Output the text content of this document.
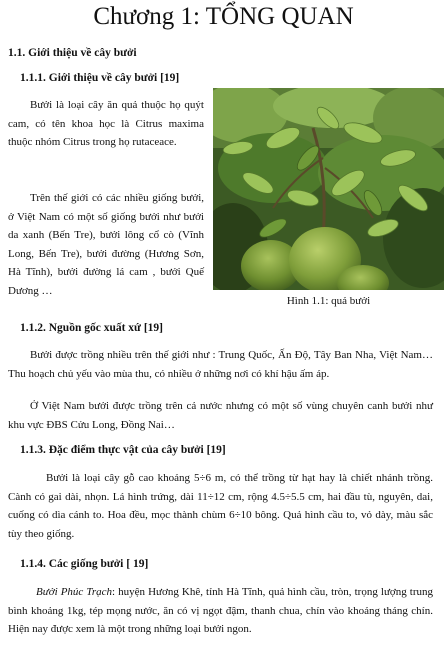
Chương 1: TỔNG QUAN
1.1. Giới thiệu về cây bưởi
1.1.1. Giới thiệu về cây bưởi [19]

Bưởi là loại cây ăn quả thuộc họ quýt cam, có tên khoa học là Citrus maxima thuộc nhóm Citrus trong họ rutaceace.

Trên thế giới có các nhiều giống bưởi, ở Việt Nam có một số giống bưởi như bưởi da xanh (Bến Tre), bưởi lông cổ cò (Vĩnh Long, Bến Tre), bưởi đường (Hương Sơn, Hà Tĩnh), bưởi đường lá cam , bưởi Quế Dương …

Hình 1.1: quả bưởi

1.1.2. Nguồn gốc xuất xứ [19]

Bưởi được trồng nhiều trên thế giới như : Trung Quốc, Ấn Độ, Tây Ban Nha, Việt Nam… Thu hoạch chủ yếu vào mùa thu, có nhiều ở những nơi có khí hậu ấm áp.

Ở Việt Nam bưởi được trồng trên cả nước nhưng có một số vùng chuyên canh bưởi như khu vực ĐBS Cửu Long, Đồng Nai…

1.1.3. Đặc điểm thực vật của cây bưởi [19]

Bưởi là loại cây gỗ cao khoảng 5÷6 m, có thể trồng từ hạt hay là chiết nhánh trồng. Cành có gai dài, nhọn. Lá hình trứng, dài 11÷12 cm, rộng 4.5÷5.5 cm, hai đầu tù, nguyên, dai, cuống có dìa cánh to. Hoa đều, mọc thành chùm 6÷10 bông. Quả hình cầu to, vỏ dày, màu sắc tùy theo giống.

1.1.4. Các giống bưởi [ 19]

Bưởi Phúc Trạch: huyện Hương Khê, tỉnh Hà Tĩnh, quả hình cầu, tròn, trọng lượng trung bình khoảng 1kg, tép mọng nước, ăn có vị ngọt đậm, thanh chua, chín vào khoảng tháng chín. Hiện nay được xem là một trong những loại bưởi ngon.
